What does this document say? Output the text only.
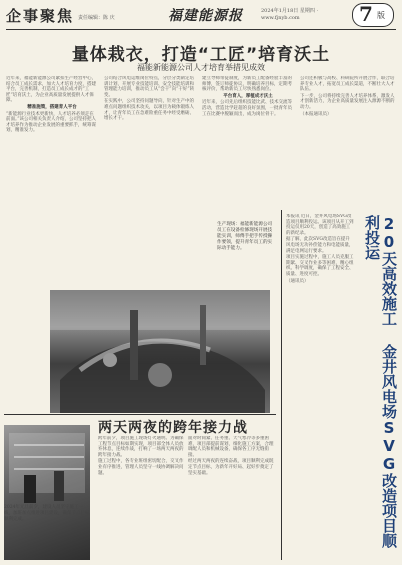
企事聚焦 责任编辑：陈 庆	福建能源报	2024年1月18日 星期四 · www.fjnyb.com	7 版
量体栽衣，打造“工匠”培育沃土
福能新能源公司人才培育举措见成效

近年来，福能新能源公司紧扣生产经营中心，结合员工成长需求，加大人才培育力度，搭建平台，完善机制，打造员工成长成才的“工匠”培育沃土，为企业高质量发展提供人才保障。

精准施策，搭建育人平台

“新能源行业技术更新快，人才培养必须走在前面。”该公司相关负责人介绍，公司坚持把人才培养作为推动企业发展的重要抓手，统筹谋划，精准发力。

公司结合风电运维岗位特点，分层分类制定培训计划，开展专业技能培训、安全技能培训和管理能力培训，推动员工从“会干”向“干好”转变。

在实践中，公司坚持问题导向，针对生产中的难点问题组织技术攻关，以项目为载体锻炼人才，让青年员工在急难险重任务中经受磨砺、增长才干。

建立导师带徒制度，为新员工配备经验丰富的师傅，签订师徒协议，明确培养目标，定期考核评价，帮助新员工尽快熟悉岗位。

平台育人，厚植成才沃土

近年来，公司先后组织技能比武、技术交流等活动，营造比学赶超的良好氛围，一批青年员工在比赛中脱颖而出，成为岗位骨干。

公司还积极与高校、科研院所开展合作，联合培养专业人才，拓宽员工成长渠道，不断壮大人才队伍。

下一步，公司将持续完善人才培养体系，激发人才创新活力，为企业高质量发展注入源源不断的动力。

（本报通讯员）

生产现场：福能新能源公司员工在设备检修现场开展技能实训，师傅手把手传授操作要领，提升青年员工的实际动手能力。
两天两夜的跨年接力战
2024年元旦前夕，建设人员坚守施工一线，加班加点推进项目建设，确保节点目标顺利完成。

跨年前夕，项目施工现场灯火通明。为确保工程节点目标如期实现，项目部全体人员放弃休息，连续作战，打响了一场两天两夜的跨年接力战。

施工过程中，各专业班组密切配合，交叉作业有序推进，管理人员坚守一线协调解决问题。

面对时间紧、任务重、天气寒冷等多重困难，项目部提前谋划，细化施工方案，合理调配人员和机械设备，确保各工序无缝衔接。

经过两天两夜的连续奋战，项目顺利完成既定节点目标，为新年开好局、起好步奠定了坚实基础。

本报讯 近日，金井风电场SVG改造项目顺利投运。该项目从开工到投运仅用20天，创造了高效施工的新纪录。

据了解，此次SVG改造旨在提升风电场无功补偿能力和电能质量，满足电网运行要求。

项目实施过程中，施工人员克服工期紧、交叉作业多等困难，精心组织、科学调度，确保了工程安全、质量、进度可控。

（通讯员）	20天高效施工 金井风电场SVG改造项目顺利投运
